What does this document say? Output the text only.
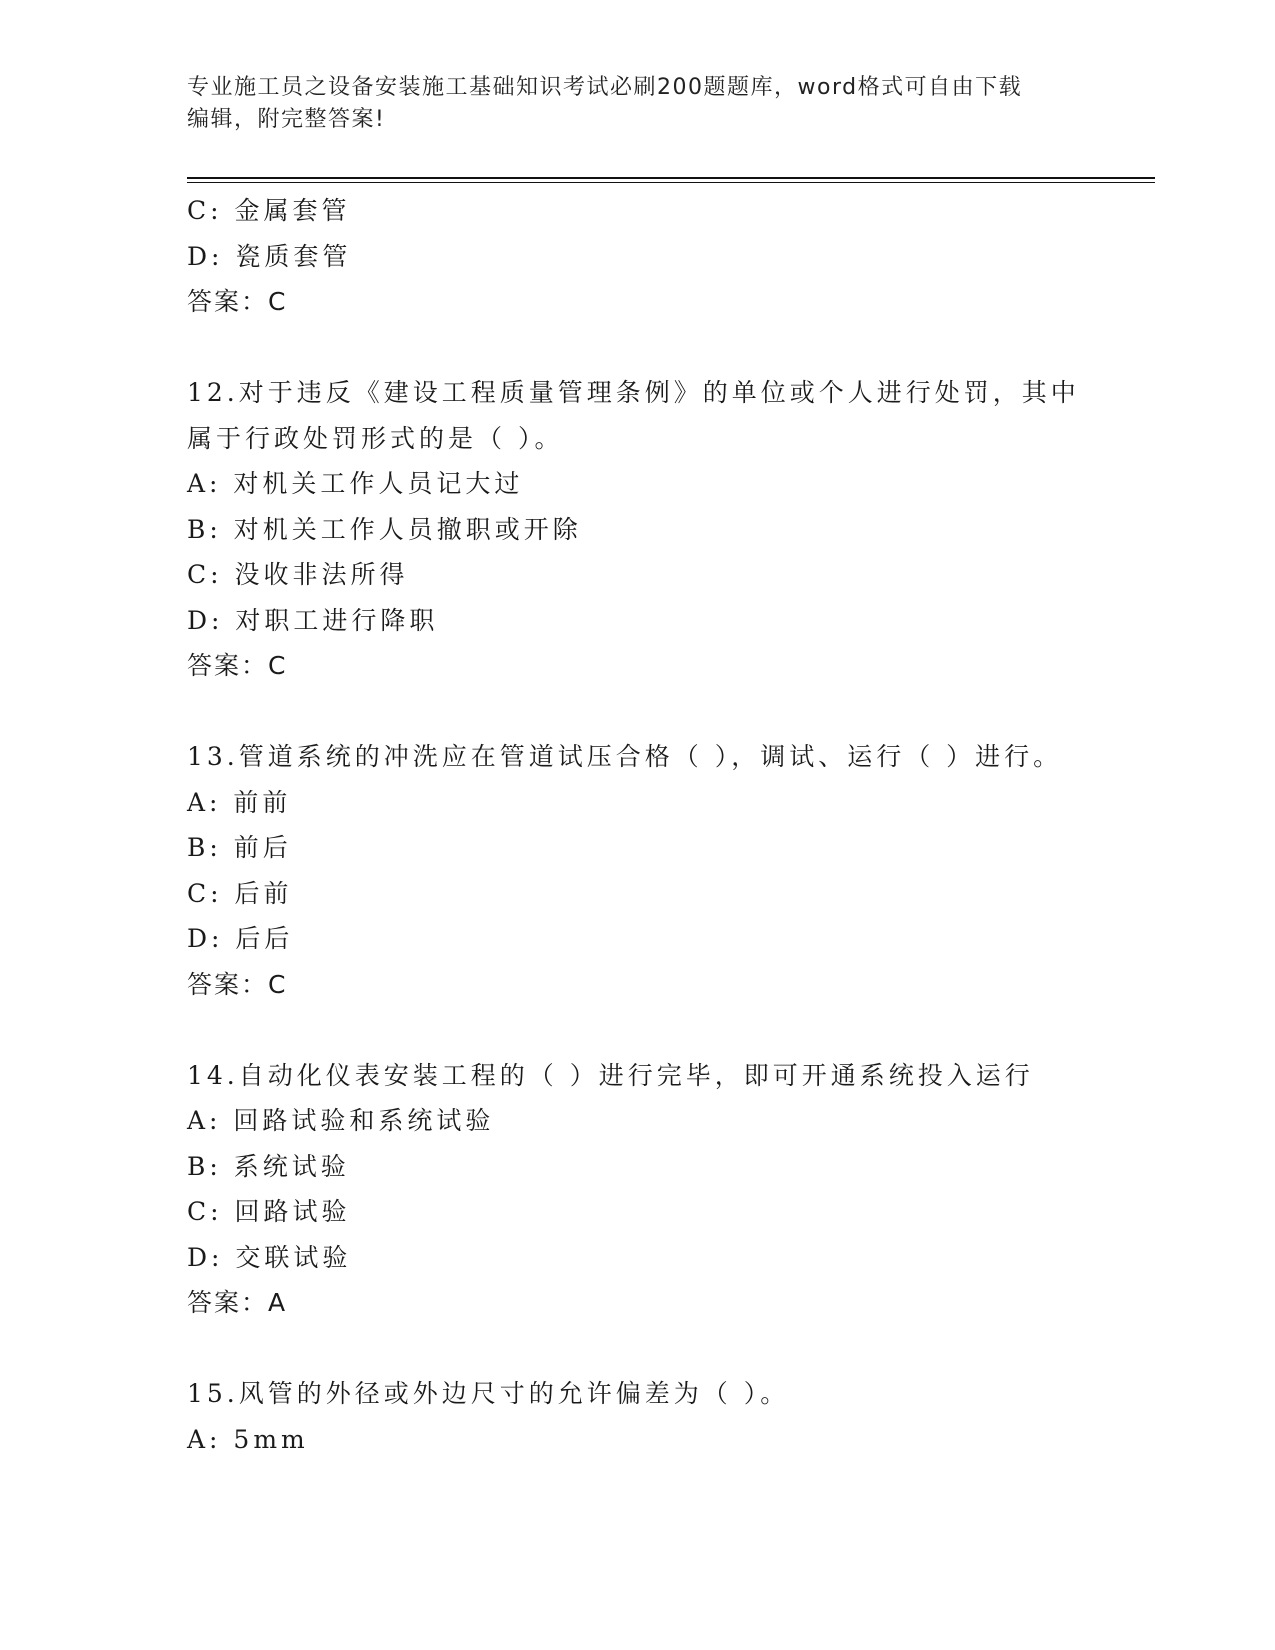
专业施工员之设备安装施工基础知识考试必刷200题题库，word格式可自由下载
编辑，附完整答案!
C: 金属套管
D: 瓷质套管
答案：C
12.对于违反《建设工程质量管理条例》的单位或个人进行处罚，其中
属于行政处罚形式的是（ ）。
A: 对机关工作人员记大过
B: 对机关工作人员撤职或开除
C: 没收非法所得
D: 对职工进行降职
答案：C
13.管道系统的冲洗应在管道试压合格（ ），调试、运行（ ）进行。
A: 前前
B: 前后
C: 后前
D: 后后
答案：C
14.自动化仪表安装工程的（ ）进行完毕，即可开通系统投入运行
A: 回路试验和系统试验
B: 系统试验
C: 回路试验
D: 交联试验
答案：A
15.风管的外径或外边尺寸的允许偏差为（ ）。
A: 5mm
